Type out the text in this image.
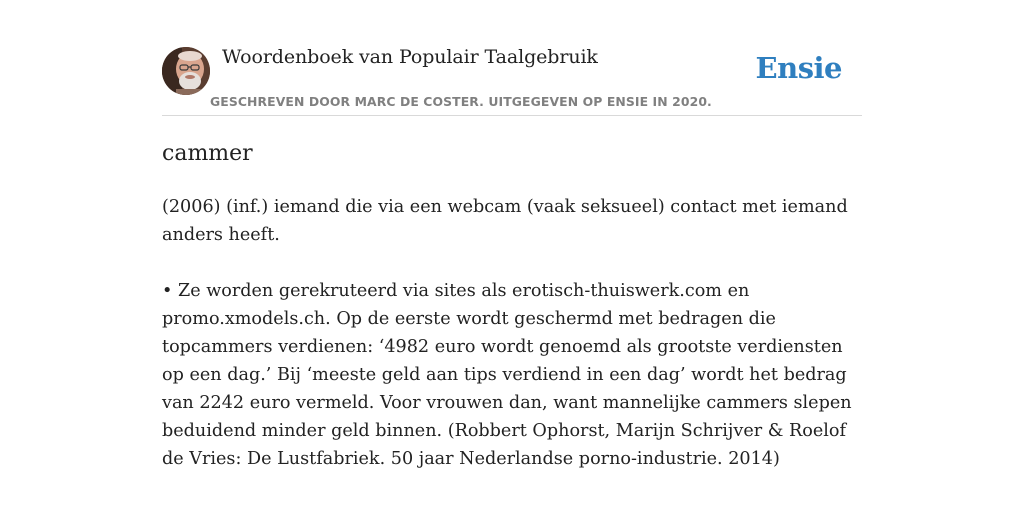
Woordenboek van Populair Taalgebruik
GESCHREVEN DOOR MARC DE COSTER. UITGEGEVEN OP ENSIE IN 2020.
Ensie
cammer

(2006) (inf.) iemand die via een webcam (vaak seksueel) contact met iemand anders heeft.

• Ze worden gerekruteerd via sites als erotisch-thuiswerk.com en promo.xmodels.ch. Op de eerste wordt geschermd met bedragen die topcammers verdienen: ‘4982 euro wordt genoemd als grootste verdiensten op een dag.’ Bij ‘meeste geld aan tips verdiend in een dag’ wordt het bedrag van 2242 euro vermeld. Voor vrouwen dan, want mannelijke cammers slepen beduidend minder geld binnen. (Robbert Ophorst, Marijn Schrijver & Roelof de Vries: De Lustfabriek. 50 jaar Nederlandse porno-industrie. 2014)
